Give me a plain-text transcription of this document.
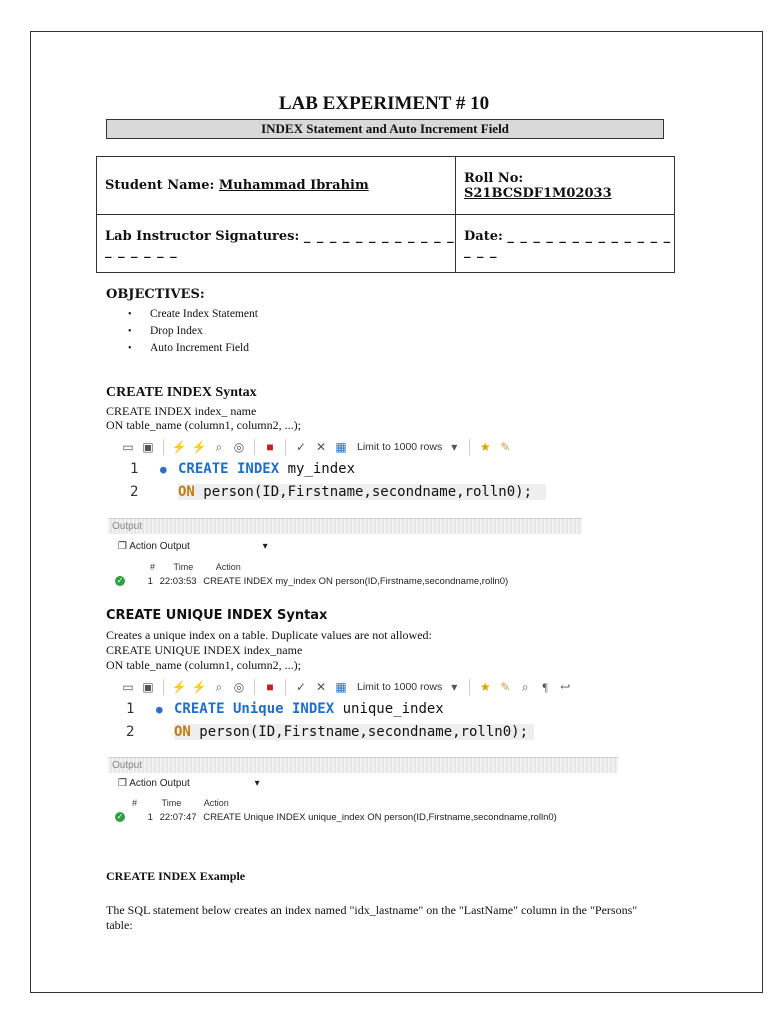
LAB EXPERIMENT # 10
INDEX Statement and Auto Increment Field
Student Name: Muhammad Ibrahim	Roll No: S21BCSDF1M02033
Lab Instructor Signatures: _ _ _ _ _ _ _ _ _ _ _ _ _ _ _ _ _ _	Date: _ _ _ _ _ _ _ _ _ _ _ _ _ _ _ _
OBJECTIVES:
• Create Index Statement
• Drop Index
• Auto Increment Field
CREATE INDEX Syntax
CREATE INDEX index_ name
ON table_name (column1, column2, ...);
▭ ▣ ⚡ ⚡ ⌕ ◎	■	✓ ✕ ▦ Limit to 1000 rows ▾	★ ✎
1 ● CREATE INDEX my_index
2	ON person(ID,Firstname,secondname,rolln0);
Output
❐ Action Output	▾
# Time	Action
✓	1 22:03:53 CREATE INDEX my_index ON person(ID,Firstname,secondname,rolln0)
CREATE UNIQUE INDEX Syntax
Creates a unique index on a table. Duplicate values are not allowed:
CREATE UNIQUE INDEX index_name
ON table_name (column1, column2, ...);
▭ ▣ ⚡ ⚡ ⌕ ◎	■	✓ ✕ ▦ Limit to 1000 rows ▾	★ ✎ ⌕	¶	↩
1 ● CREATE Unique INDEX unique_index
2	ON person(ID,Firstname,secondname,rolln0);
Output
❐ Action Output	▾
#	Time	Action
✓	1 22:07:47 CREATE Unique INDEX unique_index ON person(ID,Firstname,secondname,rolln0)
CREATE INDEX Example
The SQL statement below creates an index named "idx_lastname" on the "LastName" column in the "Persons" table:
